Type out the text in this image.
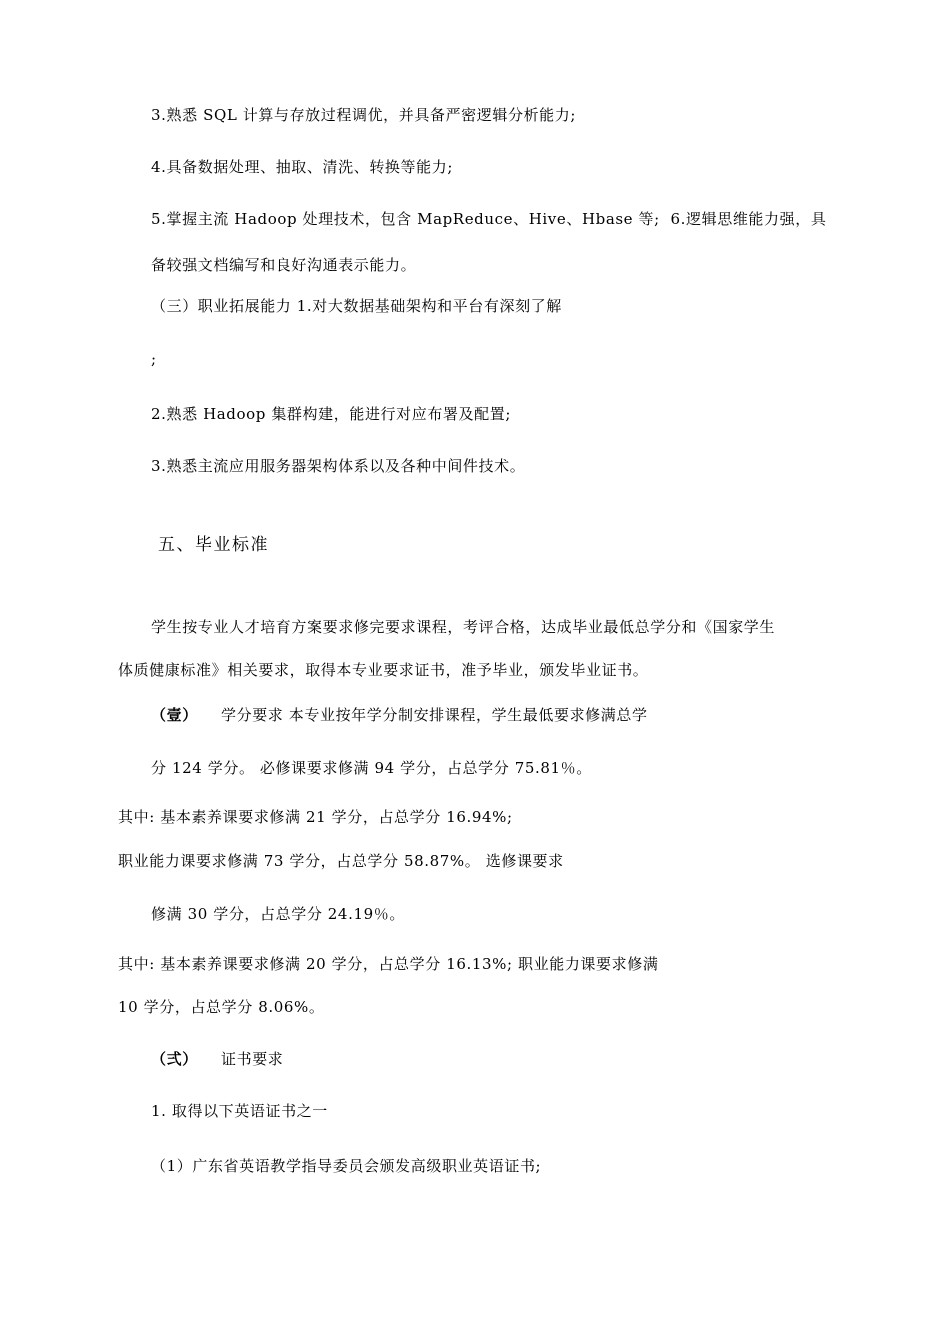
3.熟悉 SQL 计算与存放过程调优，并具备严密逻辑分析能力;
4.具备数据处理、抽取、清洗、转换等能力;
5.掌握主流 Hadoop 处理技术，包含 MapReduce、Hive、Hbase 等;  6.逻辑思维能力强，具
备较强文档编写和良好沟通表示能力。
（三）职业拓展能力 1.对大数据基础架构和平台有深刻了解
;
2.熟悉 Hadoop 集群构建，能进行对应布署及配置;
3.熟悉主流应用服务器架构体系以及各种中间件技术。
五、毕业标准
学生按专业人才培育方案要求修完要求课程，考评合格，达成毕业最低总学分和《国家学生
体质健康标准》相关要求，取得本专业要求证书，准予毕业，颁发毕业证书。
（壹） 学分要求 本专业按年学分制安排课程，学生最低要求修满总学
分 124 学分。 必修课要求修满 94 学分，占总学分 75.81％。
其中: 基本素养课要求修满 21 学分，占总学分 16.94%;
职业能力课要求修满 73 学分，占总学分 58.87%。 选修课要求
修满 30 学分，占总学分 24.19％。
其中: 基本素养课要求修满 20 学分，占总学分 16.13%; 职业能力课要求修满
10 学分，占总学分 8.06%。
（弍） 证书要求
1. 取得以下英语证书之一
（1）广东省英语教学指导委员会颁发高级职业英语证书;
